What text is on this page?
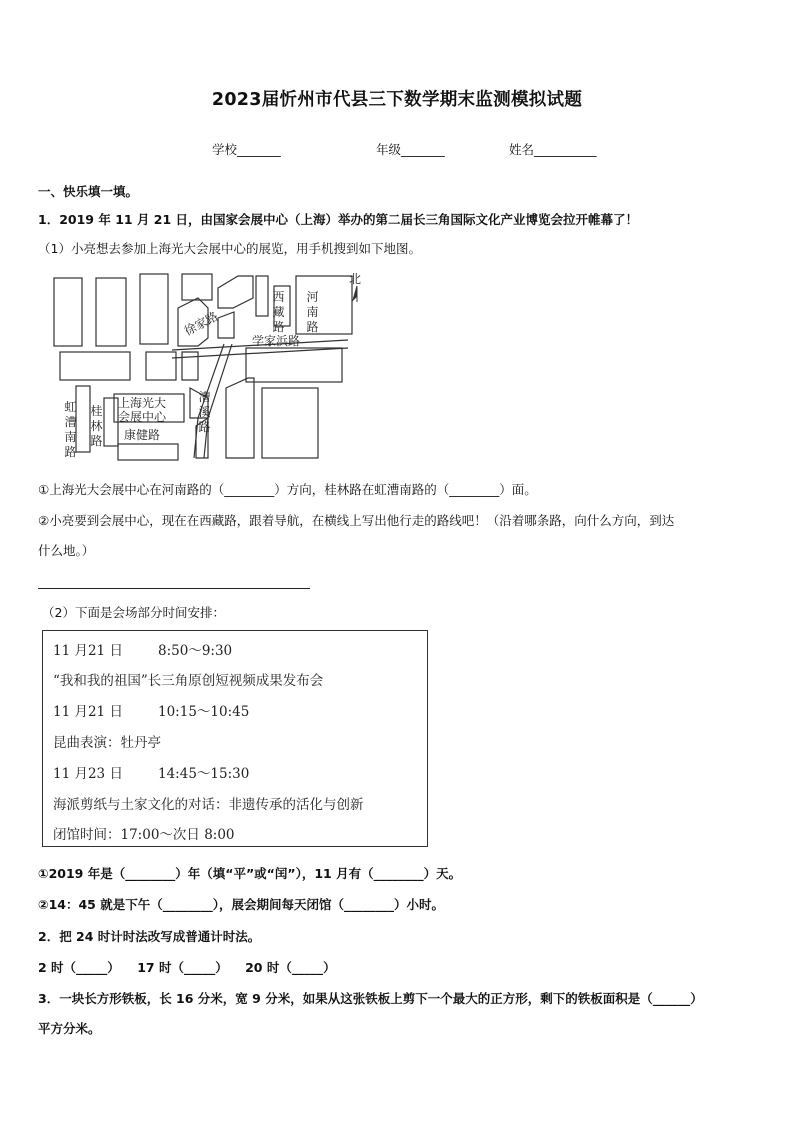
2023届忻州市代县三下数学期末监测模拟试题
学校_______	年级_______	姓名__________
一、快乐填一填。
1．2019 年 11 月 21 日，由国家会展中心（上海）举办的第二届长三角国际文化产业博览会拉开帷幕了！
（1）小亮想去参加上海光大会展中心的展览，用手机搜到如下地图。
北
西藏路
河南路
徐家路
学家浜路
漕溪路
虹漕南路
桂林路 康健路
上海光大
会展中心
①上海光大会展中心在河南路的（________）方向，桂林路在虹漕南路的（________）面。
②小亮要到会展中心，现在在西藏路，跟着导航，在横线上写出他行走的路线吧！（沿着哪条路，向什么方向，到达
什么地。）
（2）下面是会场部分时间安排：
11 月21 日	8:50～9:30
“我和我的祖国”长三角原创短视频成果发布会
11 月21 日	10:15～10:45
昆曲表演：牡丹亭
11 月23 日	14:45～15:30
海派剪纸与土家文化的对话：非遗传承的活化与创新
闭馆时间：17:00～次日 8:00
①2019 年是（________）年（填“平”或“闰”），11 月有（________）天。
②14：45 就是下午（________），展会期间每天闭馆（________）小时。
2．把 24 时计时法改写成普通计时法。
2 时（_____）    17 时（_____）    20 时（_____）
3．一块长方形铁板，长 16 分米，宽 9 分米，如果从这张铁板上剪下一个最大的正方形，剩下的铁板面积是（______）
平方分米。
